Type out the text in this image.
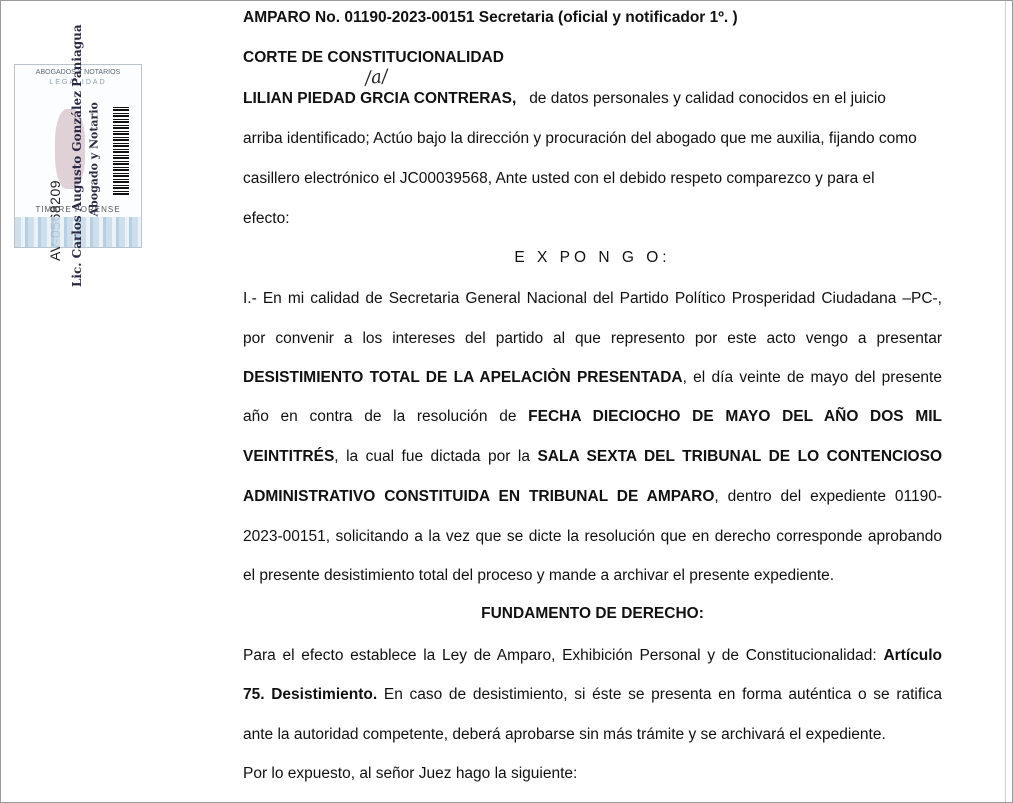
ABOGADOS Y NOTARIOS
LEGALIDAD
TIMBRE FORENSE
Lic. Carlos Augusto González Paniagua Abogado y Notario
AMPARO No. 01190-2023-00151 Secretaria (oficial y notificador 1º. )
CORTE DE CONSTITUCIONALIDAD
/a/
LILIAN PIEDAD GRCIA CONTRERAS, de datos personales y calidad conocidos en el juicio
arriba identificado; Actúo bajo la dirección y procuración del abogado que me auxilia, fijando como
casillero electrónico el JC00039568, Ante usted con el debido respeto comparezco y para el
efecto:
E X PO N G O:
I.- En mi calidad de Secretaria General Nacional del Partido Político Prosperidad Ciudadana –PC-,
por convenir a los intereses del partido al que represento por este acto vengo a presentar
DESISTIMIENTO TOTAL DE LA APELACIÒN PRESENTADA, el día veinte de mayo del presente
año en contra de la resolución de FECHA DIECIOCHO DE MAYO DEL AÑO DOS MIL
VEINTITRÉS, la cual fue dictada por la SALA SEXTA DEL TRIBUNAL DE LO CONTENCIOSO
ADMINISTRATIVO CONSTITUIDA EN TRIBUNAL DE AMPARO, dentro del expediente 01190-
2023-00151, solicitando a la vez que se dicte la resolución que en derecho corresponde aprobando
el presente desistimiento total del proceso y mande a archivar el presente expediente.
FUNDAMENTO DE DERECHO:
Para el efecto establece la Ley de Amparo, Exhibición Personal y de Constitucionalidad: Artículo
75. Desistimiento. En caso de desistimiento, si éste se presenta en forma auténtica o se ratifica
ante la autoridad competente, deberá aprobarse sin más trámite y se archivará el expediente.
Por lo expuesto, al señor Juez hago la siguiente:
